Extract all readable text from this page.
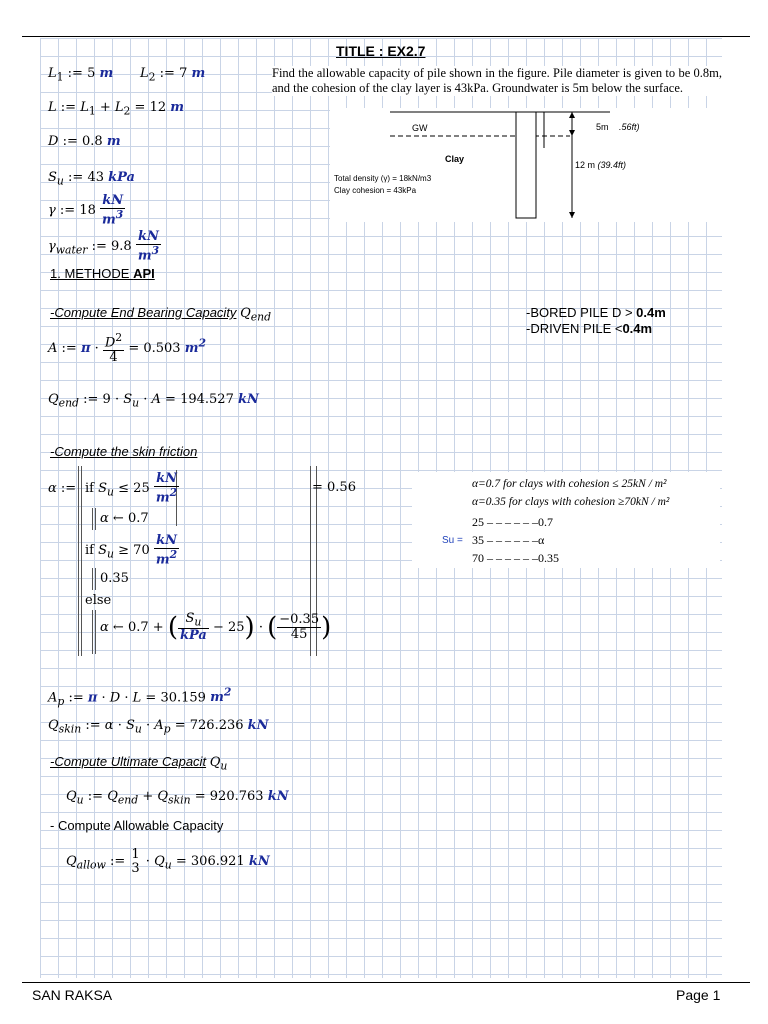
TITLE : EX2.7
Find the allowable capacity of pile shown in the figure. Pile diameter is given to be 0.8m, and the cohesion of the clay layer is 43kPa. Groundwater is 5m below the surface.
GW
Clay
5m .56ft)
12 m (39.4ft)
Total density (γ) = 18kN/m3
Clay cohesion = 43kPa
$L_1$ := 5 m $L_2$ := 7 m
L := $L_1 + L_2 = 12$ m
D := 0.8 m
$S_u$ := 43 kPa
γ := $18 \frac{kN}{m^3}$
$\gamma_{water}$ := $9.8 \frac{kN}{m^3}$
1. METHODE API
-Compute End Bearing Capacity $Q_{end}$	-BORED PILE D > 0.4m
-DRIVEN PILE <0.4m
A := $\pi \cdot \frac{D^2}{4} = 0.503$ $m^2$
$Q_{end}$ := $9 \cdot S_u \cdot A = 194.527$ kN
-Compute the skin friction
α := if $S_u \le 25 \frac{kN}{m^2}$
α ← 0.7
if $S_u \ge 70 \frac{kN}{m^2}$
0.35
else
α ← 0.7 + ( $\frac{S_u}{\text{kPa}} - 25$) · ( $\frac{-0.35}{45}$ )
= 0.56	α=0.7 for clays with cohesion ≤ 25kN / m²
α=0.35 for clays with cohesion ≥70kN / m²
25 – – – – – –0.7
Su = 35 – – – – – –α
70 – – – – – –0.35
$A_p$ := π · D · L = 30.159 $m^2$
$Q_{skin}$ := $\alpha \cdot S_u \cdot A_p = 726.236$ kN
-Compute Ultimate Capacit $Q_u$
$Q_u$ := $Q_{end} + Q_{skin} = 920.763$ kN
- Compute Allowable Capacity
$Q_{allow}$ := 1
$3 \cdot Q_u = 306.921$ kN
SAN RAKSA	Page 1
